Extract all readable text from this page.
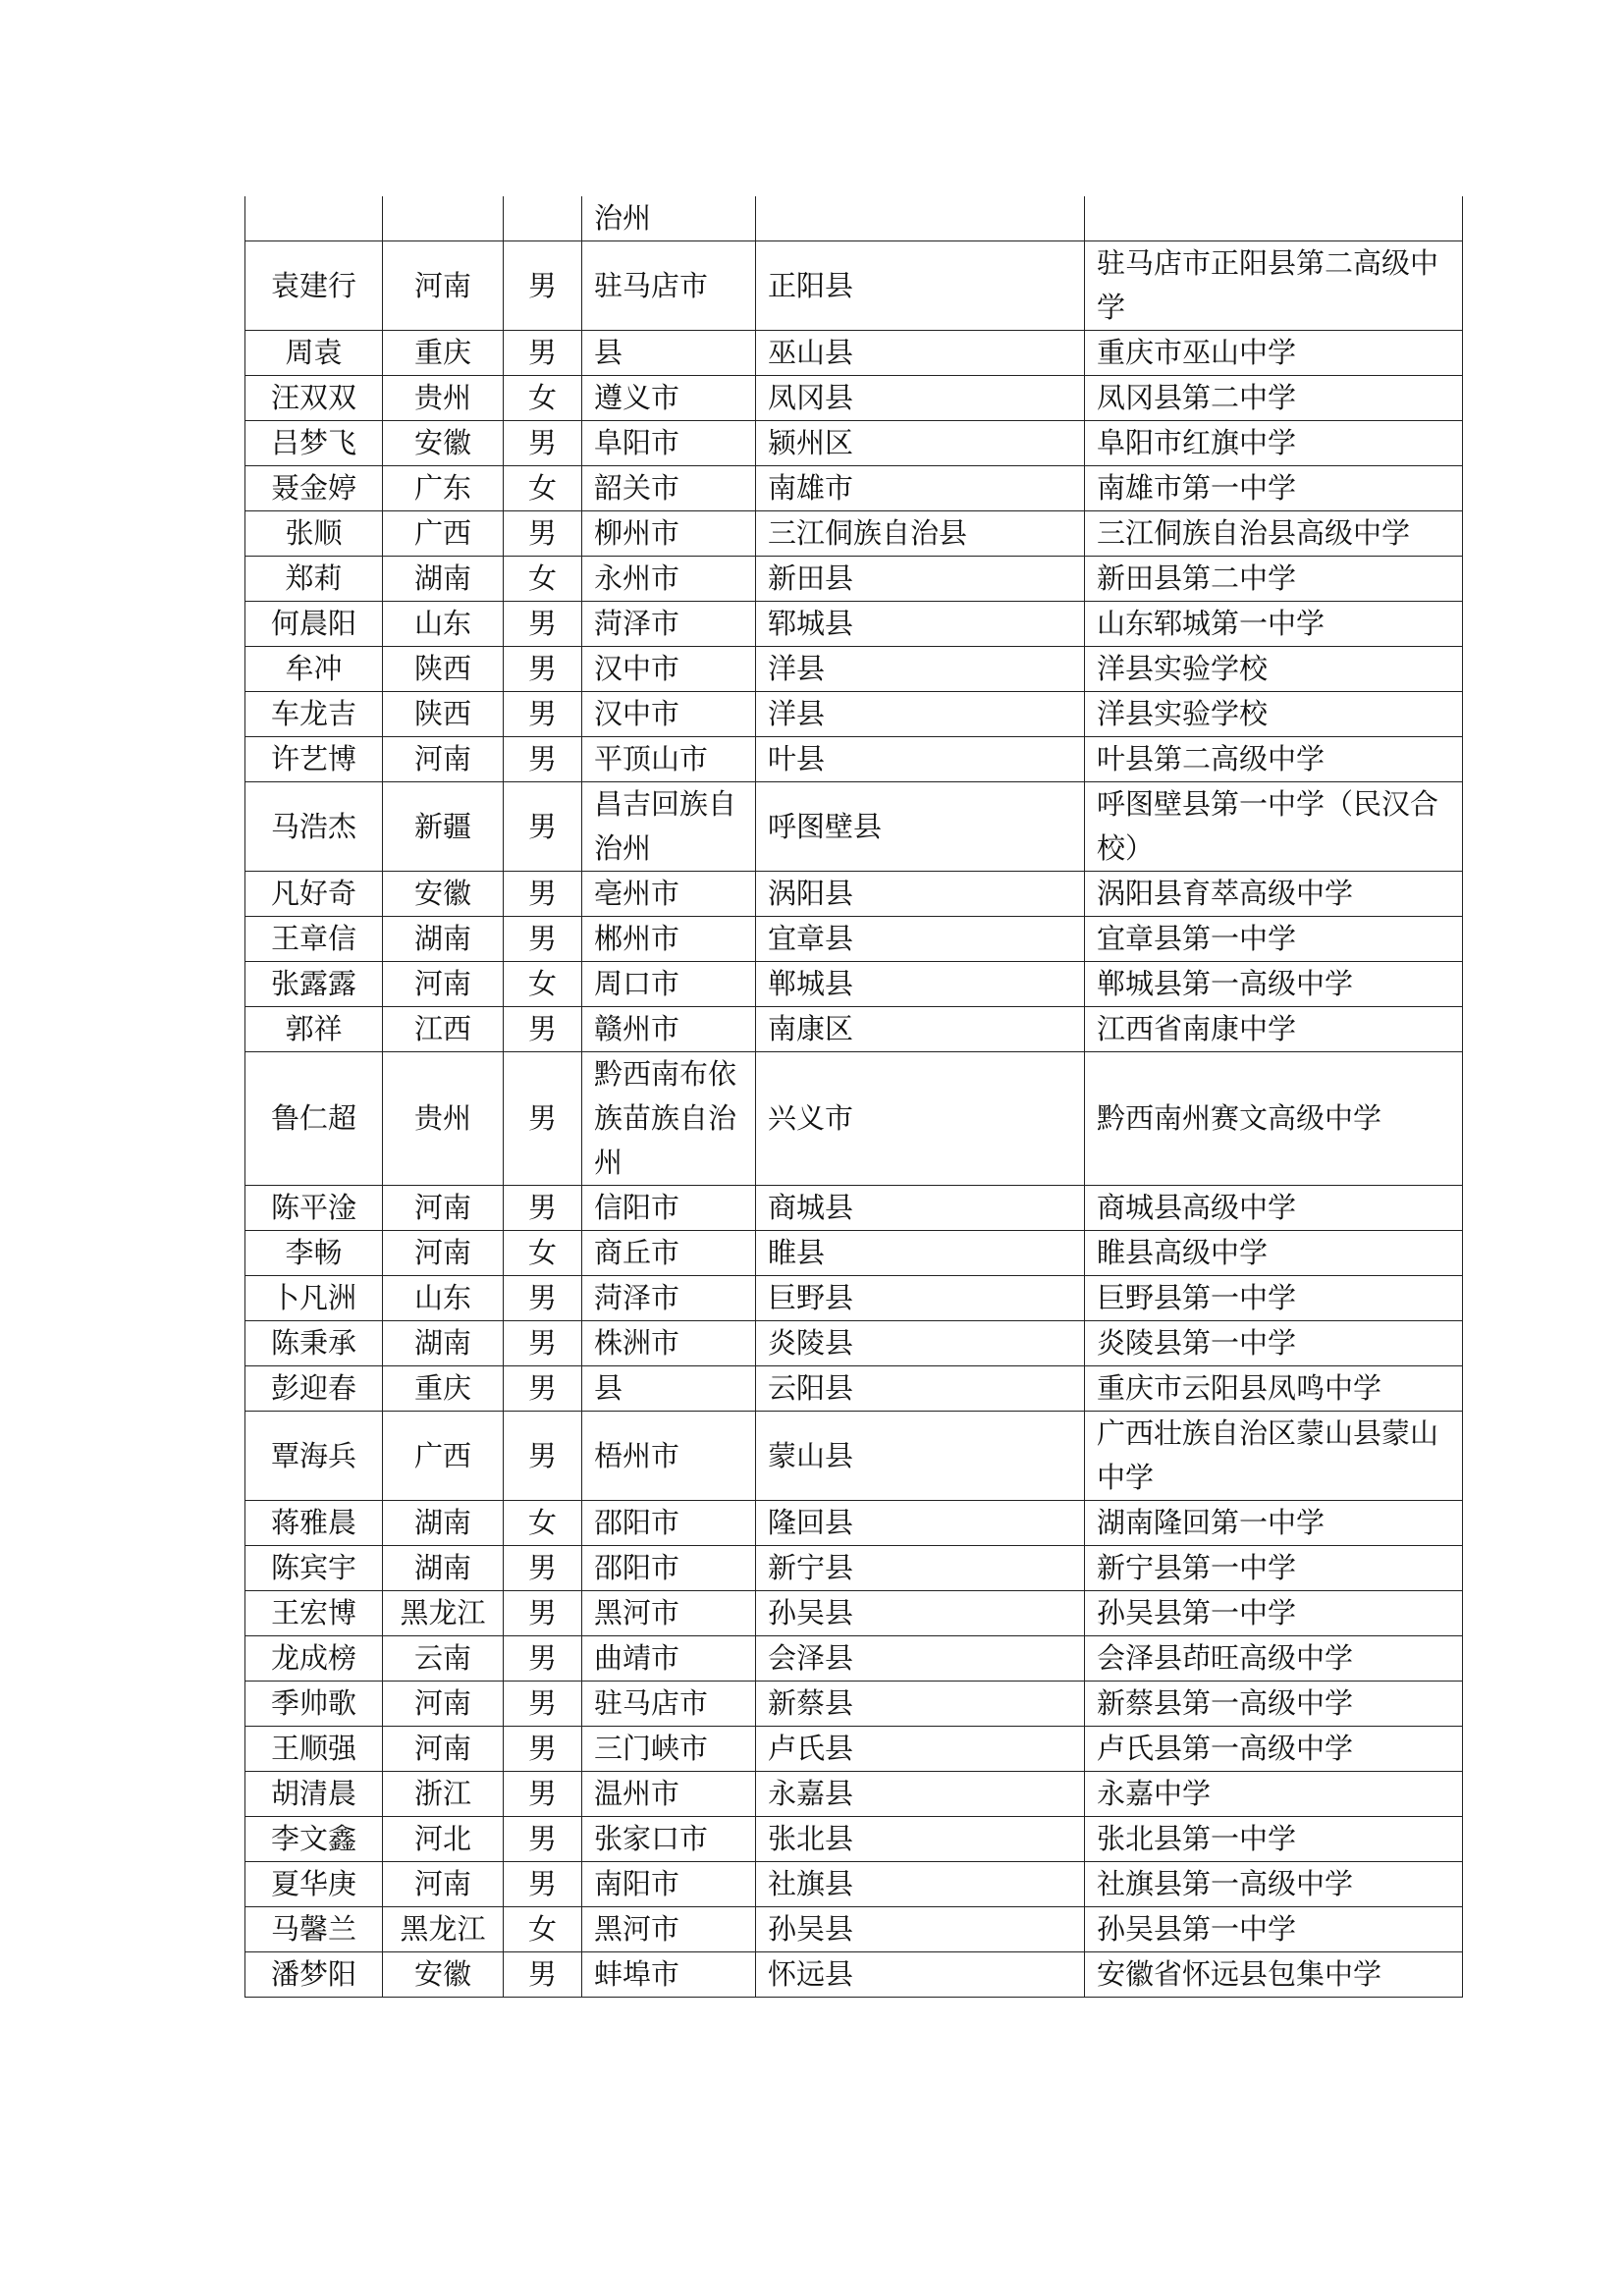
			治州		
袁建行	河南	男	驻马店市	正阳县	驻马店市正阳县第二高级中学
周袁	重庆	男	县	巫山县	重庆市巫山中学
汪双双	贵州	女	遵义市	凤冈县	凤冈县第二中学
吕梦飞	安徽	男	阜阳市	颍州区	阜阳市红旗中学
聂金婷	广东	女	韶关市	南雄市	南雄市第一中学
张顺	广西	男	柳州市	三江侗族自治县	三江侗族自治县高级中学
郑莉	湖南	女	永州市	新田县	新田县第二中学
何晨阳	山东	男	菏泽市	郓城县	山东郓城第一中学
牟冲	陕西	男	汉中市	洋县	洋县实验学校
车龙吉	陕西	男	汉中市	洋县	洋县实验学校
许艺博	河南	男	平顶山市	叶县	叶县第二高级中学
马浩杰	新疆	男	昌吉回族自治州	呼图壁县	呼图壁县第一中学（民汉合校）
凡好奇	安徽	男	亳州市	涡阳县	涡阳县育萃高级中学
王章信	湖南	男	郴州市	宜章县	宜章县第一中学
张露露	河南	女	周口市	郸城县	郸城县第一高级中学
郭祥	江西	男	赣州市	南康区	江西省南康中学
鲁仁超	贵州	男	黔西南布依族苗族自治州	兴义市	黔西南州赛文高级中学
陈平淦	河南	男	信阳市	商城县	商城县高级中学
李畅	河南	女	商丘市	睢县	睢县高级中学
卜凡洲	山东	男	菏泽市	巨野县	巨野县第一中学
陈秉承	湖南	男	株洲市	炎陵县	炎陵县第一中学
彭迎春	重庆	男	县	云阳县	重庆市云阳县凤鸣中学
覃海兵	广西	男	梧州市	蒙山县	广西壮族自治区蒙山县蒙山中学
蒋雅晨	湖南	女	邵阳市	隆回县	湖南隆回第一中学
陈宾宇	湖南	男	邵阳市	新宁县	新宁县第一中学
王宏博	黑龙江	男	黑河市	孙吴县	孙吴县第一中学
龙成榜	云南	男	曲靖市	会泽县	会泽县茚旺高级中学
季帅歌	河南	男	驻马店市	新蔡县	新蔡县第一高级中学
王顺强	河南	男	三门峡市	卢氏县	卢氏县第一高级中学
胡清晨	浙江	男	温州市	永嘉县	永嘉中学
李文鑫	河北	男	张家口市	张北县	张北县第一中学
夏华庚	河南	男	南阳市	社旗县	社旗县第一高级中学
马馨兰	黑龙江	女	黑河市	孙吴县	孙吴县第一中学
潘梦阳	安徽	男	蚌埠市	怀远县	安徽省怀远县包集中学
